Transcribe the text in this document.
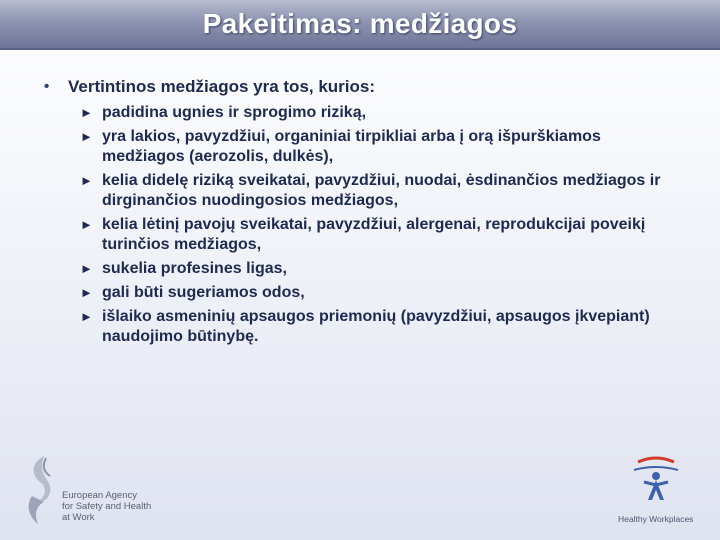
Pakeitimas: medžiagos
•	Vertintinos medžiagos yra tos, kurios:
► padidina ugnies ir sprogimo riziką,
► yra lakios, pavyzdžiui, organiniai tirpikliai arba į orą išpurškiamos medžiagos (aerozolis, dulkės),
► kelia didelę riziką sveikatai, pavyzdžiui, nuodai, ėsdinančios medžiagos ir dirginančios nuodingosios medžiagos,
► kelia lėtinį pavojų sveikatai, pavyzdžiui, alergenai, reprodukcijai poveikį turinčios medžiagos,
► sukelia profesines ligas,
► gali būti sugeriamos odos,
► išlaiko asmeninių apsaugos priemonių (pavyzdžiui, apsaugos įkvepiant) naudojimo būtinybę.
European Agency
for Safety and Health
at Work	Healthy Workplaces
